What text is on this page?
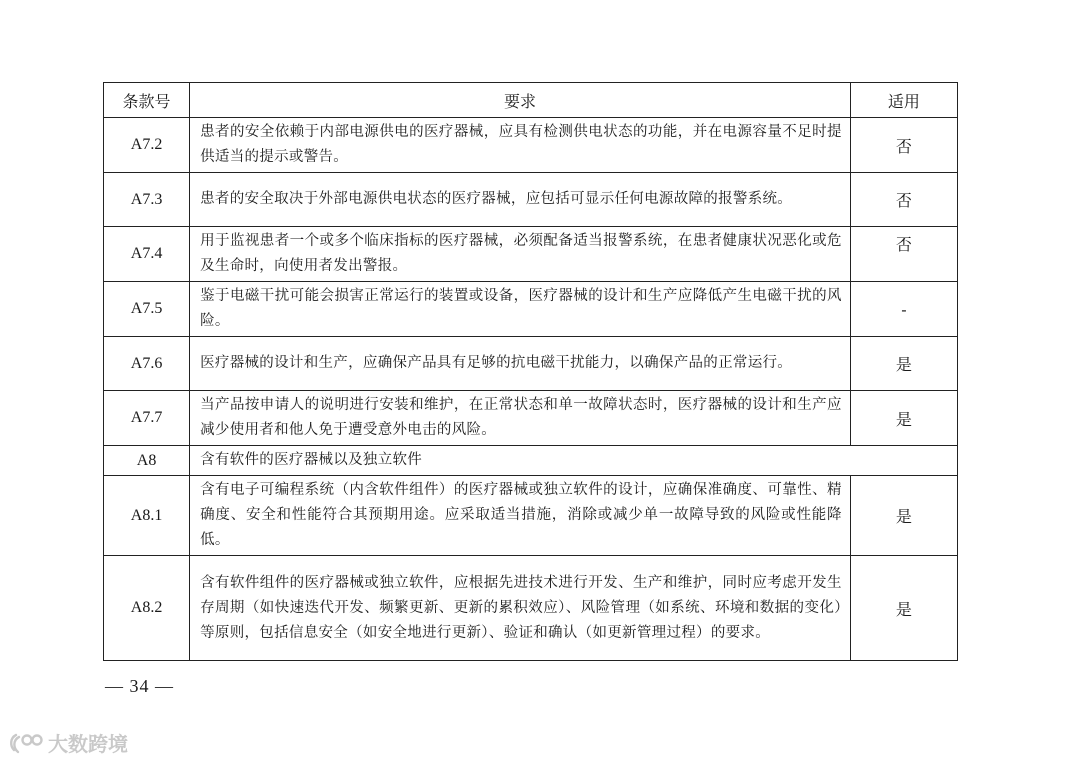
条款号	要求	适用
A7.2	患者的安全依赖于内部电源供电的医疗器械，应具有检测供电状态的功能，并在电源容量不足时提供适当的提示或警告。	否
A7.3	患者的安全取决于外部电源供电状态的医疗器械，应包括可显示任何电源故障的报警系统。	否
A7.4	用于监视患者一个或多个临床指标的医疗器械，必须配备适当报警系统，在患者健康状况恶化或危及生命时，向使用者发出警报。	否
A7.5	鉴于电磁干扰可能会损害正常运行的装置或设备，医疗器械的设计和生产应降低产生电磁干扰的风险。	-
A7.6	医疗器械的设计和生产，应确保产品具有足够的抗电磁干扰能力，以确保产品的正常运行。	是
A7.7	当产品按申请人的说明进行安装和维护，在正常状态和单一故障状态时，医疗器械的设计和生产应减少使用者和他人免于遭受意外电击的风险。	是
A8	含有软件的医疗器械以及独立软件	
A8.1	含有电子可编程系统（内含软件组件）的医疗器械或独立软件的设计，应确保准确度、可靠性、精确度、安全和性能符合其预期用途。应采取适当措施，消除或减少单一故障导致的风险或性能降低。	是
A8.2	含有软件组件的医疗器械或独立软件，应根据先进技术进行开发、生产和维护，同时应考虑开发生存周期（如快速迭代开发、频繁更新、更新的累积效应）、风险管理（如系统、环境和数据的变化）等原则，包括信息安全（如安全地进行更新）、验证和确认（如更新管理过程）的要求。	是
— 34 —
大数跨境
